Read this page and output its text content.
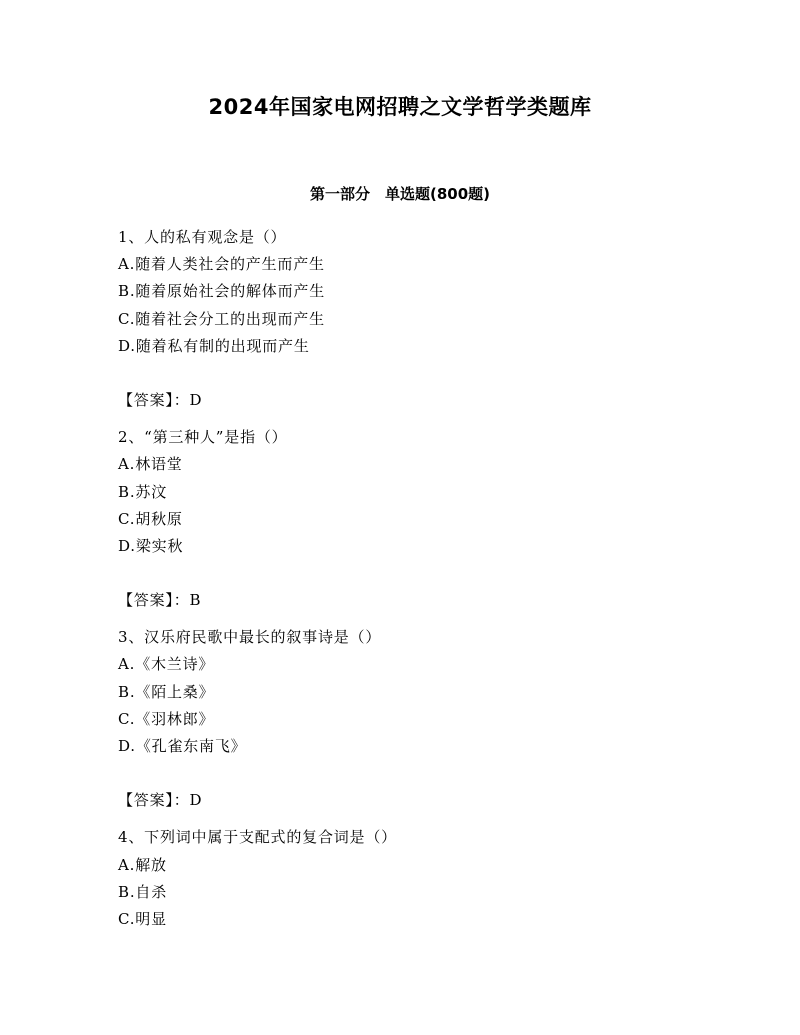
2024年国家电网招聘之文学哲学类题库
第一部分　单选题(800题)
1、人的私有观念是（）
A.随着人类社会的产生而产生
B.随着原始社会的解体而产生
C.随着社会分工的出现而产生
D.随着私有制的出现而产生
【答案】：D
2、“第三种人”是指（）
A.林语堂
B.苏汶
C.胡秋原
D.梁实秋
【答案】：B
3、汉乐府民歌中最长的叙事诗是（）
A.《木兰诗》
B.《陌上桑》
C.《羽林郎》
D.《孔雀东南飞》
【答案】：D
4、下列词中属于支配式的复合词是（）
A.解放
B.自杀
C.明显
